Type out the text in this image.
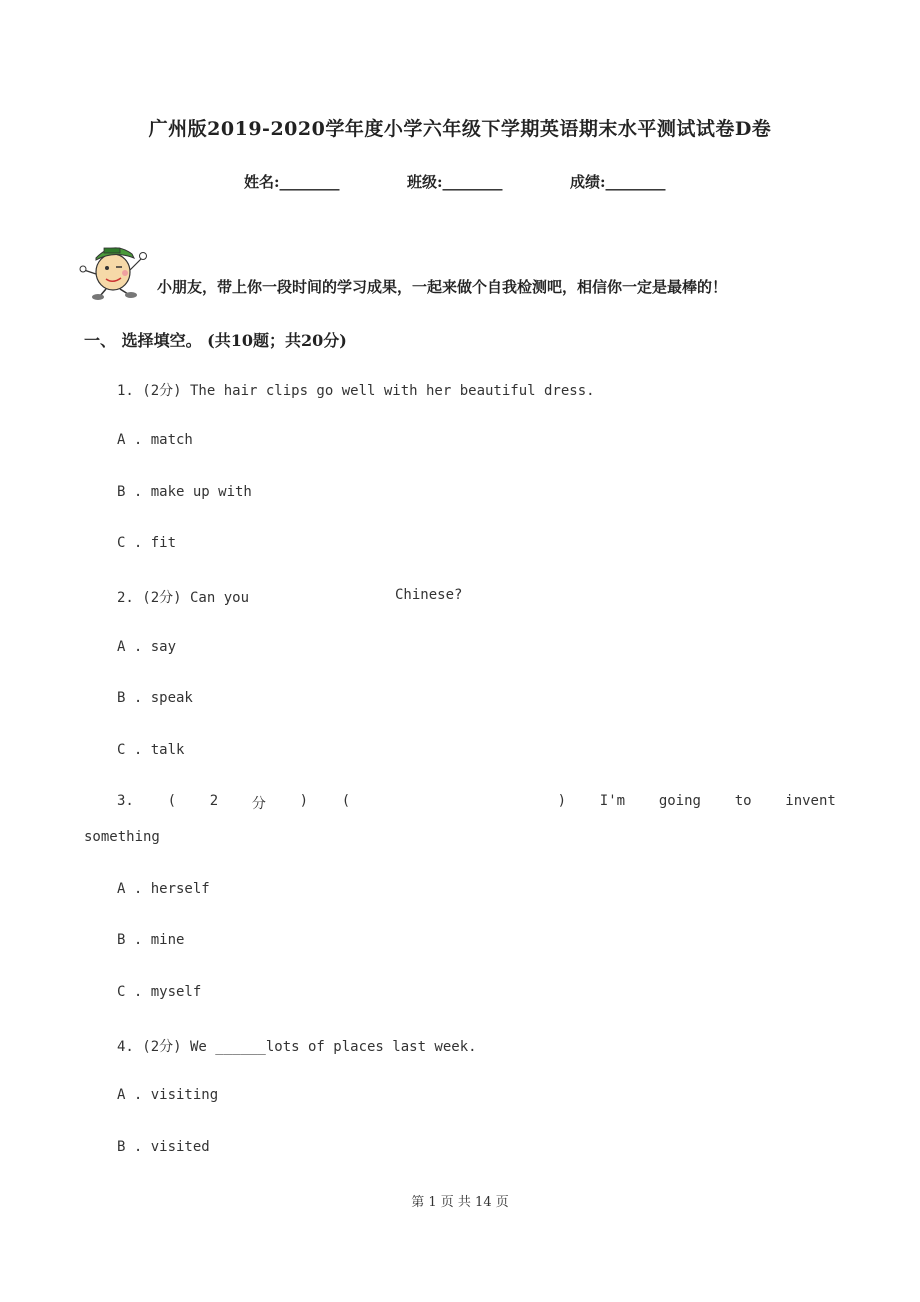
广州版2019-2020学年度小学六年级下学期英语期末水平测试试卷D卷
姓名:________	班级:________	成绩:________
小朋友，带上你一段时间的学习成果，一起来做个自我检测吧，相信你一定是最棒的！
一、 选择填空。 (共10题；共20分)
1. (2分) The hair clips go well with her beautiful dress.
A . match
B . make up with
C . fit
2. (2分) Can you	Chinese?
A . say
B . speak
C . talk
3. ( 2 分 ) (	) I'm going to invent
something
A . herself
B . mine
C . myself
4. (2分) We ______lots of places last week.
A . visiting
B . visited
第 1 页 共 14 页
